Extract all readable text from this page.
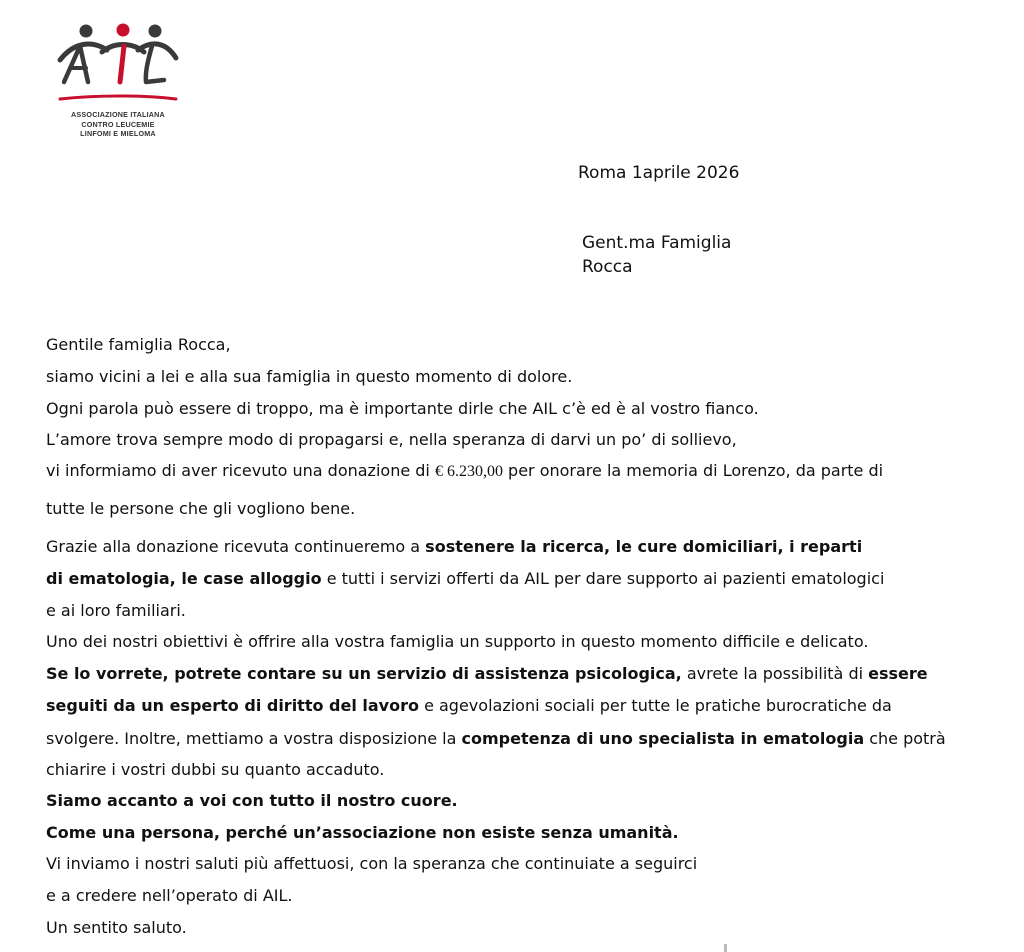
ASSOCIAZIONE ITALIANA
CONTRO LEUCEMIE
LINFOMI E MIELOMA
Roma 1aprile 2026
Gent.ma Famiglia
Rocca
Gentile famiglia Rocca,
siamo vicini a lei e alla sua famiglia in questo momento di dolore.
Ogni parola può essere di troppo, ma è importante dirle che AIL c’è ed è al vostro fianco.
L’amore trova sempre modo di propagarsi e, nella speranza di darvi un po’ di sollievo,
vi informiamo di aver ricevuto una donazione di € 6.230,00 per onorare la memoria di Lorenzo, da parte di
tutte le persone che gli vogliono bene.
Grazie alla donazione ricevuta continueremo a sostenere la ricerca, le cure domiciliari, i reparti
di ematologia, le case alloggio e tutti i servizi offerti da AIL per dare supporto ai pazienti ematologici
e ai loro familiari.
Uno dei nostri obiettivi è offrire alla vostra famiglia un supporto in questo momento difficile e delicato.
Se lo vorrete, potrete contare su un servizio di assistenza psicologica, avrete la possibilità di essere
seguiti da un esperto di diritto del lavoro e agevolazioni sociali per tutte le pratiche burocratiche da
svolgere. Inoltre, mettiamo a vostra disposizione la competenza di uno specialista in ematologia che potrà
chiarire i vostri dubbi su quanto accaduto.
Siamo accanto a voi con tutto il nostro cuore.
Come una persona, perché un’associazione non esiste senza umanità.
Vi inviamo i nostri saluti più affettuosi, con la speranza che continuiate a seguirci
e a credere nell’operato di AIL.
Un sentito saluto.
